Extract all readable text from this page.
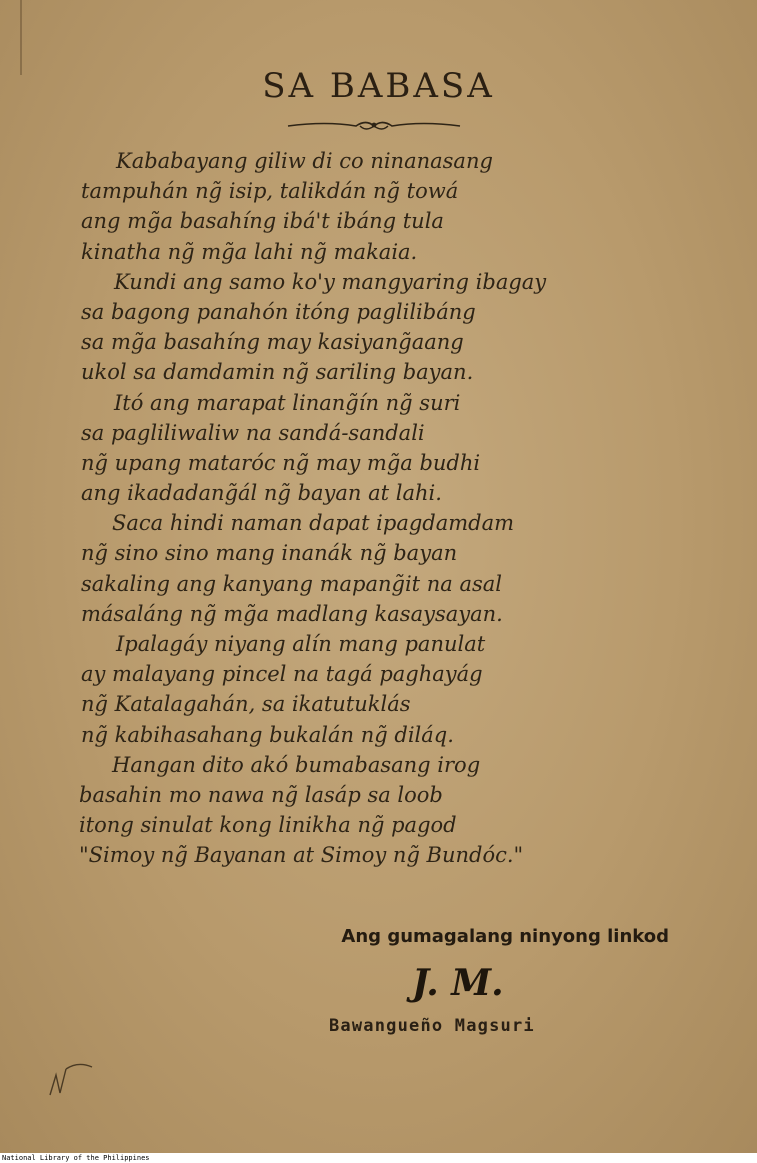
SA BABASA
Kababayang giliw di co ninanasang
tampuhán ng̃ isip, talikdán ng̃ towá
ang mg̃a basahíng ibá't ibáng tula
kinatha ng̃ mg̃a lahi ng̃ makaia.
Kundi ang samo ko'y mangyaring ibagay
sa bagong panahón itóng paglilibáng
sa mg̃a basahíng may kasiyang̃aang
ukol sa damdamin ng̃ sariling bayan.
Itó ang marapat linang̃ín ng̃ suri
sa pagliliwaliw na sandá-sandali
ng̃ upang mataróc ng̃ may mg̃a budhi
ang ikadadang̃ál ng̃ bayan at lahi.
Saca hindi naman dapat ipagdamdam
ng̃ sino sino mang inanák ng̃ bayan
sakaling ang kanyang mapang̃it na asal
másaláng ng̃ mg̃a madlang kasaysayan.
Ipalagáy niyang alín mang panulat
ay malayang pincel na tagá paghayág
ng̃ Katalagahán, sa ikatutuklás
ng̃ kabihasahang bukalán ng̃ diláq.
Hangan dito akó bumabasang irog
basahin mo nawa ng̃ lasáp sa loob
itong sinulat kong linikha ng̃ pagod
"Simoy ng̃ Bayanan at Simoy ng̃ Bundóc."
Ang gumagalang ninyong linkod
J. M.
Bawangueño Magsuri
National Library of the Philippines
